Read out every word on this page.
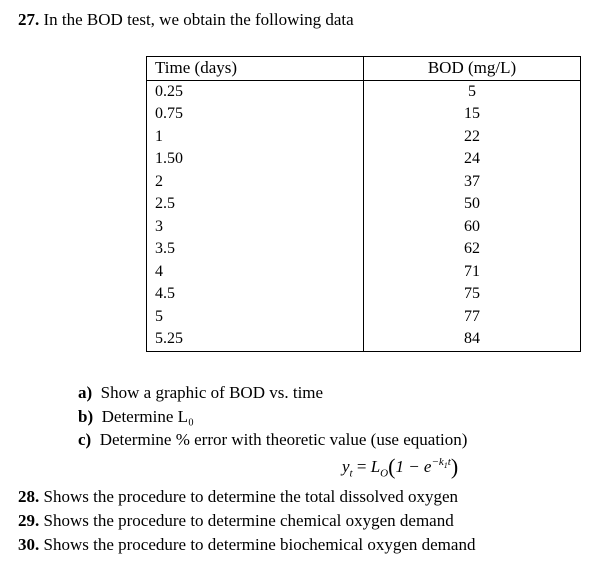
27. In the BOD test, we obtain the following data
Time (days)	BOD (mg/L)
0.25	5
0.75	15
1	22
1.50	24
2	37
2.5	50
3	60
3.5	62
4	71
4.5	75
5	77
5.25	84
a) Show a graphic of BOD vs. time
b) Determine L₀
c) Determine % error with theoretic value (use equation)
$y_t = L_O(1 - e^{-k_1t})$
28. Shows the procedure to determine the total dissolved oxygen
29. Shows the procedure to determine chemical oxygen demand
30. Shows the procedure to determine biochemical oxygen demand
